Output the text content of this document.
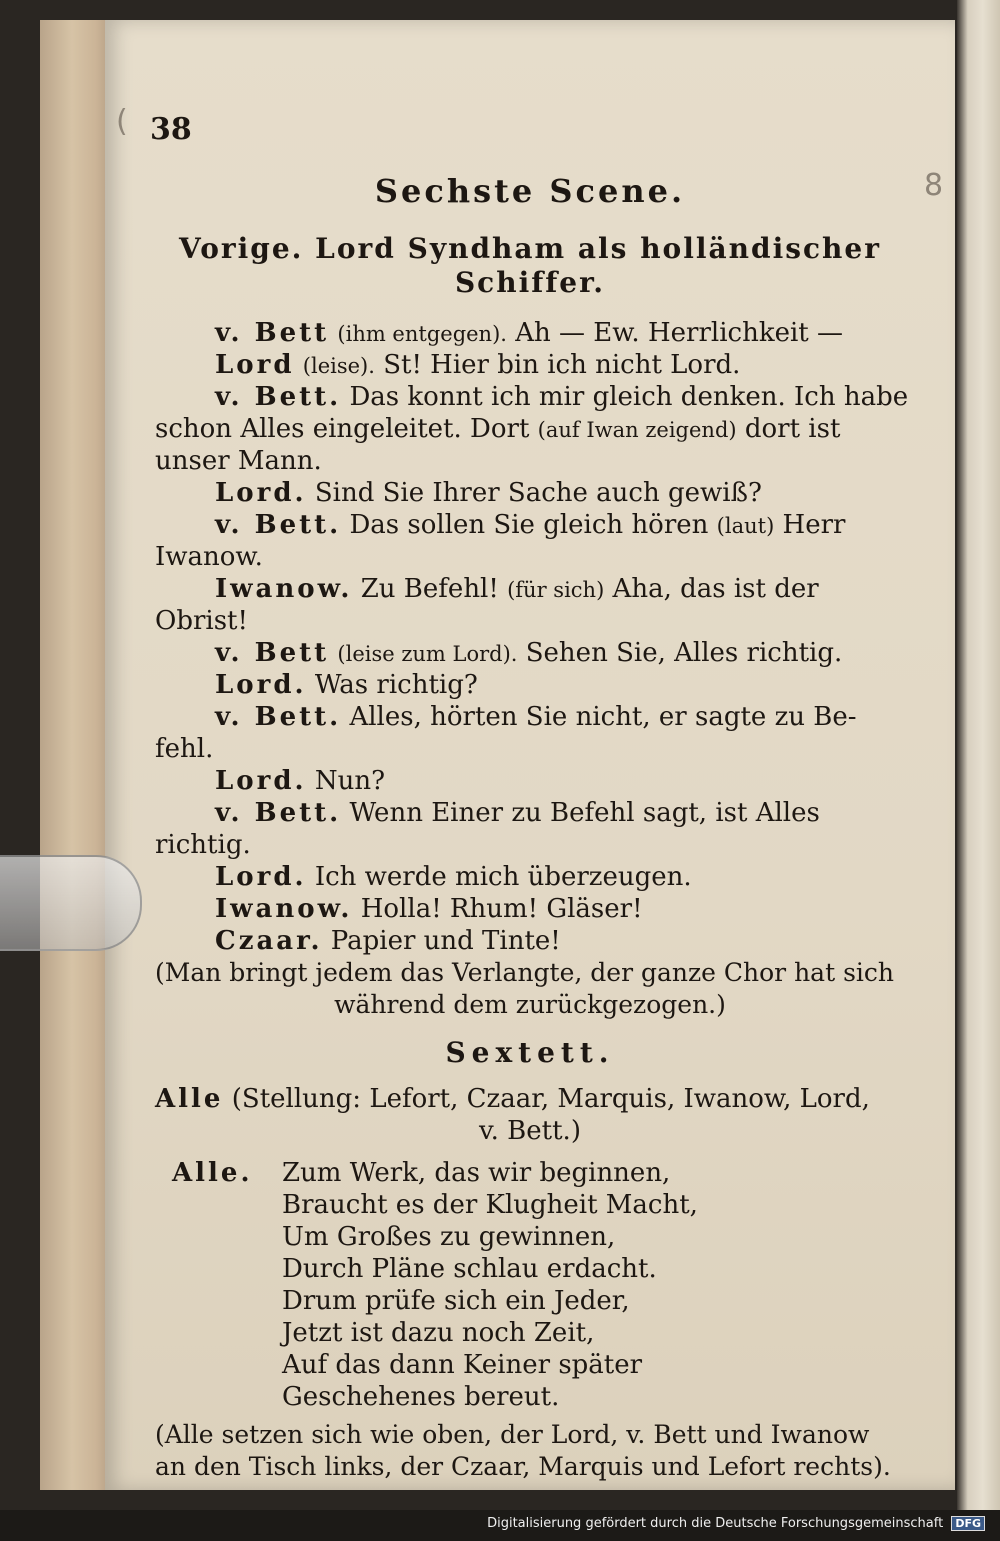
( 38
8
Sechste Scene.
Vorige. Lord Syndham als holländischer
Schiffer.
v. Bett (ihm entgegen). Ah — Ew. Herrlichkeit —
Lord (leise). St! Hier bin ich nicht Lord.
v. Bett. Das konnt ich mir gleich denken. Ich habe
schon Alles eingeleitet. Dort (auf Iwan zeigend) dort ist
unser Mann.
Lord. Sind Sie Ihrer Sache auch gewiß?
v. Bett. Das sollen Sie gleich hören (laut) Herr
Iwanow.
Iwanow. Zu Befehl! (für sich) Aha, das ist der
Obrist!
v. Bett (leise zum Lord). Sehen Sie, Alles richtig.
Lord. Was richtig?
v. Bett. Alles, hörten Sie nicht, er sagte zu Be-
fehl.
Lord. Nun?
v. Bett. Wenn Einer zu Befehl sagt, ist Alles
richtig.
Lord. Ich werde mich überzeugen.
Iwanow. Holla! Rhum! Gläser!
Czaar. Papier und Tinte!
(Man bringt jedem das Verlangte, der ganze Chor hat sich
während dem zurückgezogen.)
Sextett.
Alle (Stellung: Lefort, Czaar, Marquis, Iwanow, Lord,
v. Bett.)
Alle. Zum Werk, das wir beginnen,
Braucht es der Klugheit Macht,
Um Großes zu gewinnen,
Durch Pläne schlau erdacht.
Drum prüfe sich ein Jeder,
Jetzt ist dazu noch Zeit,
Auf das dann Keiner später
Geschehenes bereut.
(Alle setzen sich wie oben, der Lord, v. Bett und Iwanow
an den Tisch links, der Czaar, Marquis und Lefort rechts).
Digitalisierung gefördert durch die Deutsche Forschungsgemeinschaft DFG
